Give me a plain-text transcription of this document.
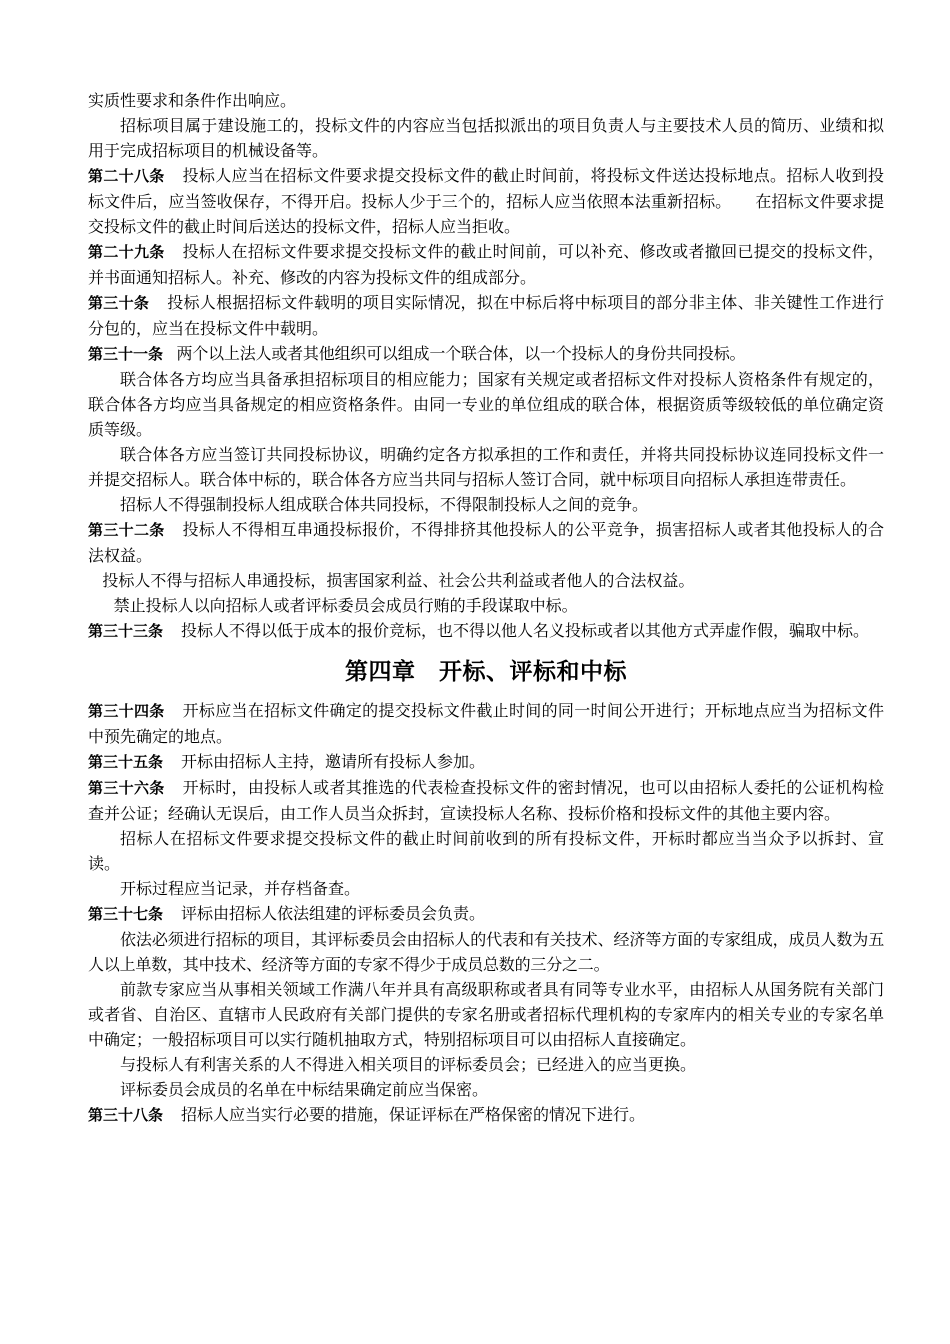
实质性要求和条件作出响应。

招标项目属于建设施工的，投标文件的内容应当包括拟派出的项目负责人与主要技术人员的简历、业绩和拟用于完成招标项目的机械设备等。

第二十八条 投标人应当在招标文件要求提交投标文件的截止时间前，将投标文件送达投标地点。招标人收到投标文件后，应当签收保存，不得开启。投标人少于三个的，招标人应当依照本法重新招标。　　在招标文件要求提交投标文件的截止时间后送达的投标文件，招标人应当拒收。

第二十九条 投标人在招标文件要求提交投标文件的截止时间前，可以补充、修改或者撤回已提交的投标文件，并书面通知招标人。补充、修改的内容为投标文件的组成部分。

第三十条 投标人根据招标文件载明的项目实际情况，拟在中标后将中标项目的部分非主体、非关键性工作进行分包的，应当在投标文件中载明。

第三十一条 两个以上法人或者其他组织可以组成一个联合体，以一个投标人的身份共同投标。

联合体各方均应当具备承担招标项目的相应能力；国家有关规定或者招标文件对投标人资格条件有规定的，联合体各方均应当具备规定的相应资格条件。由同一专业的单位组成的联合体，根据资质等级较低的单位确定资质等级。

联合体各方应当签订共同投标协议，明确约定各方拟承担的工作和责任，并将共同投标协议连同投标文件一并提交招标人。联合体中标的，联合体各方应当共同与招标人签订合同，就中标项目向招标人承担连带责任。

招标人不得强制投标人组成联合体共同投标，不得限制投标人之间的竞争。

第三十二条 投标人不得相互串通投标报价，不得排挤其他投标人的公平竞争，损害招标人或者其他投标人的合法权益。

投标人不得与招标人串通投标，损害国家利益、社会公共利益或者他人的合法权益。

禁止投标人以向招标人或者评标委员会成员行贿的手段谋取中标。

第三十三条 投标人不得以低于成本的报价竞标，也不得以他人名义投标或者以其他方式弄虚作假，骗取中标。

第四章　开标、评标和中标

第三十四条 开标应当在招标文件确定的提交投标文件截止时间的同一时间公开进行；开标地点应当为招标文件中预先确定的地点。

第三十五条 开标由招标人主持，邀请所有投标人参加。

第三十六条 开标时，由投标人或者其推选的代表检查投标文件的密封情况，也可以由招标人委托的公证机构检查并公证；经确认无误后，由工作人员当众拆封，宣读投标人名称、投标价格和投标文件的其他主要内容。

招标人在招标文件要求提交投标文件的截止时间前收到的所有投标文件，开标时都应当当众予以拆封、宣读。

开标过程应当记录，并存档备查。

第三十七条 评标由招标人依法组建的评标委员会负责。

依法必须进行招标的项目，其评标委员会由招标人的代表和有关技术、经济等方面的专家组成，成员人数为五人以上单数，其中技术、经济等方面的专家不得少于成员总数的三分之二。

前款专家应当从事相关领域工作满八年并具有高级职称或者具有同等专业水平，由招标人从国务院有关部门或者省、自治区、直辖市人民政府有关部门提供的专家名册或者招标代理机构的专家库内的相关专业的专家名单中确定；一般招标项目可以实行随机抽取方式，特别招标项目可以由招标人直接确定。

与投标人有利害关系的人不得进入相关项目的评标委员会；已经进入的应当更换。

评标委员会成员的名单在中标结果确定前应当保密。

第三十八条 招标人应当实行必要的措施，保证评标在严格保密的情况下进行。
